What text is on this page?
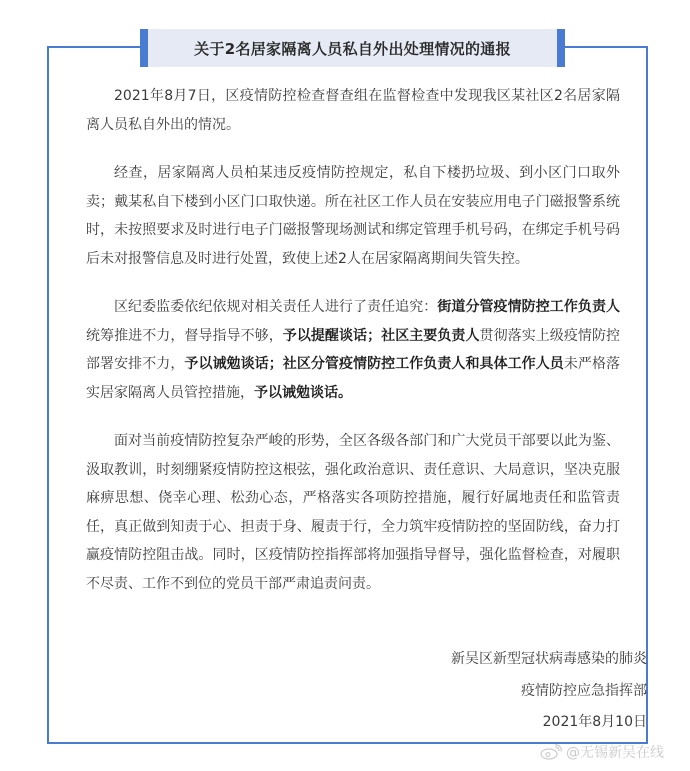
关于2名居家隔离人员私自外出处理情况的通报

2021年8月7日，区疫情防控检查督查组在监督检查中发现我区某社区2名居家隔离人员私自外出的情况。

经查，居家隔离人员柏某违反疫情防控规定，私自下楼扔垃圾、到小区门口取外卖；戴某私自下楼到小区门口取快递。所在社区工作人员在安装应用电子门磁报警系统时，未按照要求及时进行电子门磁报警现场测试和绑定管理手机号码，在绑定手机号码后未对报警信息及时进行处置，致使上述2人在居家隔离期间失管失控。

区纪委监委依纪依规对相关责任人进行了责任追究：街道分管疫情防控工作负责人统筹推进不力，督导指导不够，予以提醒谈话；社区主要负责人贯彻落实上级疫情防控部署安排不力，予以诫勉谈话；社区分管疫情防控工作负责人和具体工作人员未严格落实居家隔离人员管控措施，予以诫勉谈话。

面对当前疫情防控复杂严峻的形势，全区各级各部门和广大党员干部要以此为鉴、汲取教训，时刻绷紧疫情防控这根弦，强化政治意识、责任意识、大局意识，坚决克服麻痹思想、侥幸心理、松劲心态，严格落实各项防控措施，履行好属地责任和监管责任，真正做到知责于心、担责于身、履责于行，全力筑牢疫情防控的坚固防线，奋力打赢疫情防控阻击战。同时，区疫情防控指挥部将加强指导督导，强化监督检查，对履职不尽责、工作不到位的党员干部严肃追责问责。

新吴区新型冠状病毒感染的肺炎
疫情防控应急指挥部
2021年8月10日
@无锡新吴在线
